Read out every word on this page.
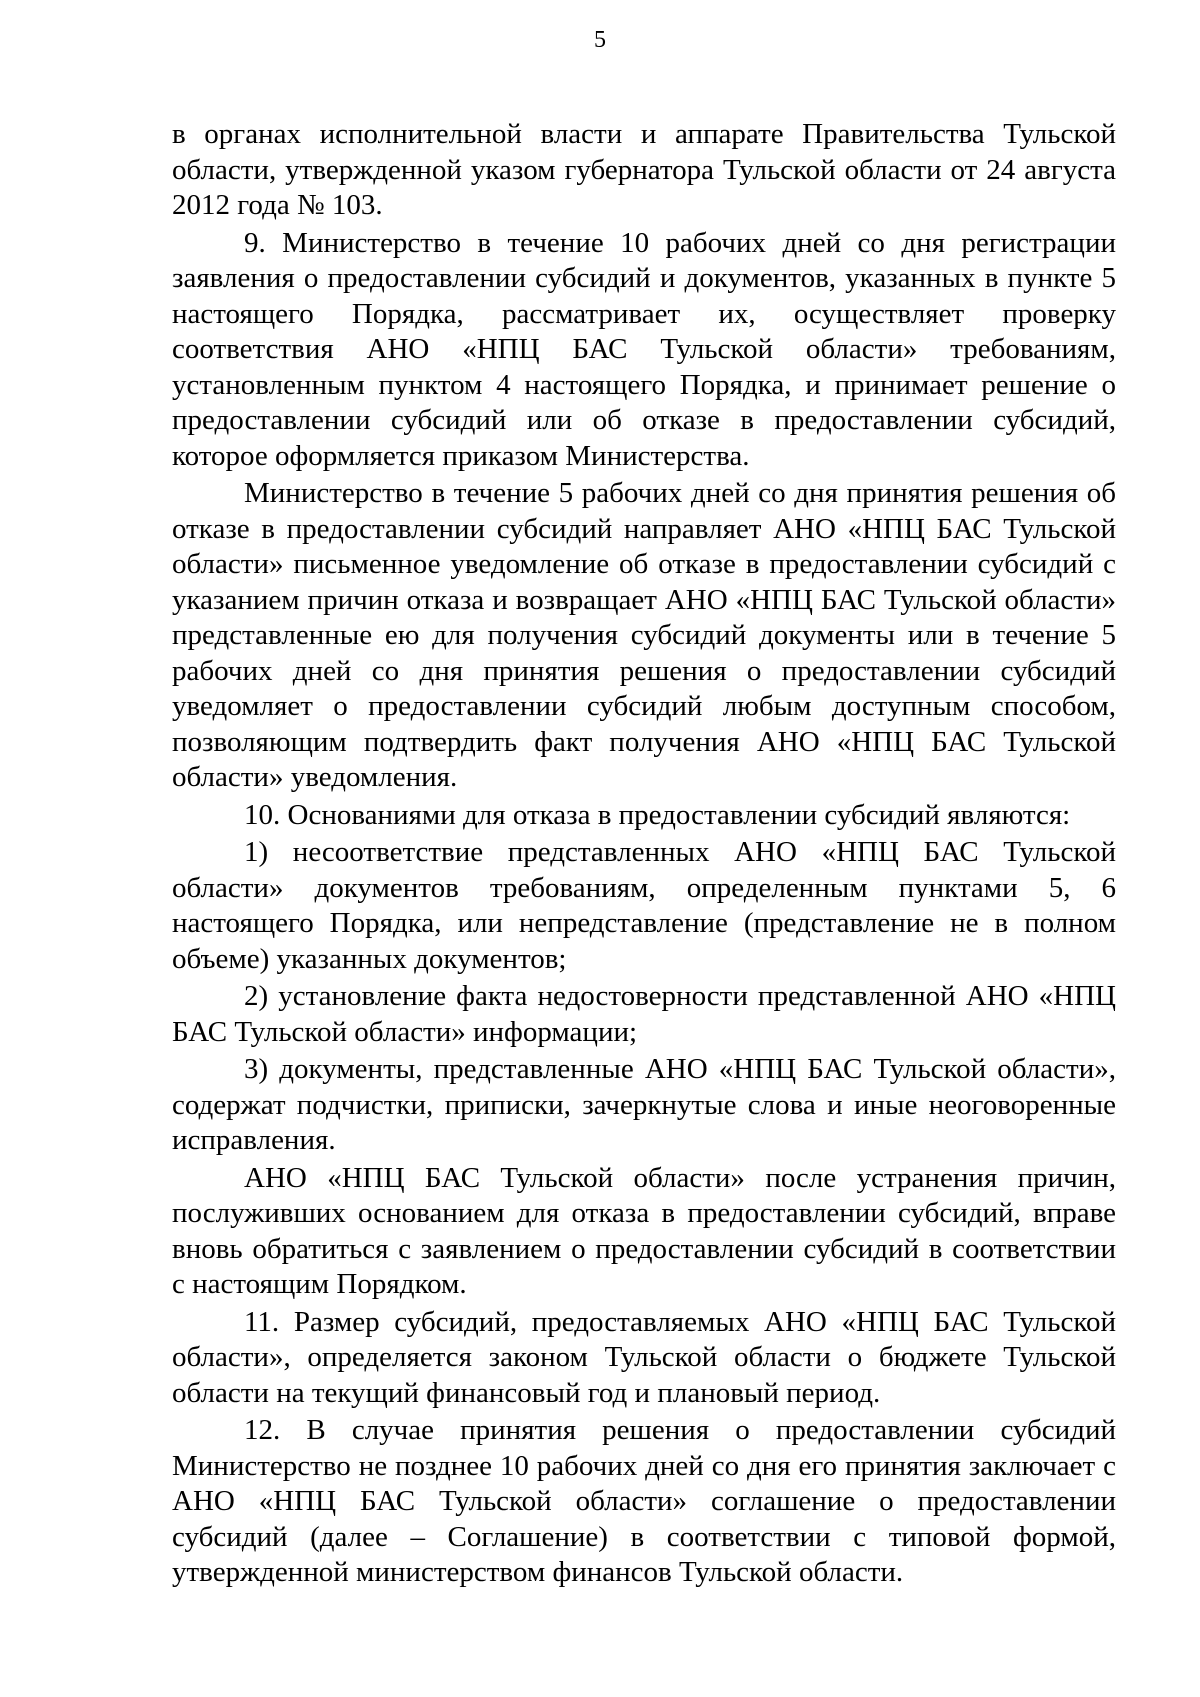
5

в органах исполнительной власти и аппарате Правительства Тульской области, утвержденной указом губернатора Тульской области от 24 августа 2012 года № 103.

9. Министерство в течение 10 рабочих дней со дня регистрации заявления о предоставлении субсидий и документов, указанных в пункте 5 настоящего Порядка, рассматривает их, осуществляет проверку соответствия АНО «НПЦ БАС Тульской области» требованиям, установленным пунктом 4 настоящего Порядка, и принимает решение о предоставлении субсидий или об отказе в предоставлении субсидий, которое оформляется приказом Министерства.

Министерство в течение 5 рабочих дней со дня принятия решения об отказе в предоставлении субсидий направляет АНО «НПЦ БАС Тульской области» письменное уведомление об отказе в предоставлении субсидий с указанием причин отказа и возвращает АНО «НПЦ БАС Тульской области» представленные ею для получения субсидий документы или в течение 5 рабочих дней со дня принятия решения о предоставлении субсидий уведомляет о предоставлении субсидий любым доступным способом, позволяющим подтвердить факт получения АНО «НПЦ БАС Тульской области» уведомления.

10. Основаниями для отказа в предоставлении субсидий являются:

1) несоответствие представленных АНО «НПЦ БАС Тульской области» документов требованиям, определенным пунктами 5, 6 настоящего Порядка, или непредставление (представление не в полном объеме) указанных документов;

2) установление факта недостоверности представленной АНО «НПЦ БАС Тульской области» информации;

3) документы, представленные АНО «НПЦ БАС Тульской области», содержат подчистки, приписки, зачеркнутые слова и иные неоговоренные исправления.

АНО «НПЦ БАС Тульской области» после устранения причин, послуживших основанием для отказа в предоставлении субсидий, вправе вновь обратиться с заявлением о предоставлении субсидий в соответствии с настоящим Порядком.

11. Размер субсидий, предоставляемых АНО «НПЦ БАС Тульской области», определяется законом Тульской области о бюджете Тульской области на текущий финансовый год и плановый период.

12. В случае принятия решения о предоставлении субсидий Министерство не позднее 10 рабочих дней со дня его принятия заключает с АНО «НПЦ БАС Тульской области» соглашение о предоставлении субсидий (далее – Соглашение) в соответствии с типовой формой, утвержденной министерством финансов Тульской области.
